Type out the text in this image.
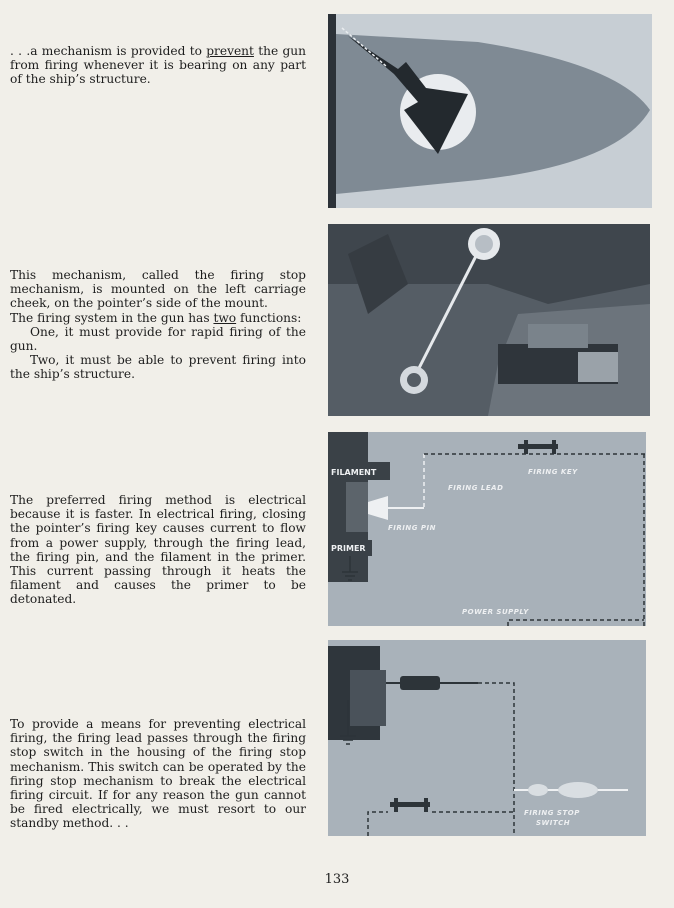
. . .a mechanism is provided to prevent the gun from firing whenever it is bearing on any part of the ship’s structure.

This mechanism, called the firing stop mechanism, is mounted on the left carriage cheek, on the pointer’s side of the mount.

The firing system in the gun has two functions:

One, it must provide for rapid firing of the gun.

Two, it must be able to prevent firing into the ship’s structure.

The preferred firing method is electrical because it is faster. In electrical firing, closing the pointer’s firing key causes current to flow from a power supply, through the firing lead, the firing pin, and the filament in the primer. This current passing through it heats the filament and causes the primer to be detonated.

To provide a means for preventing electrical firing, the firing lead passes through the firing stop switch in the housing of the firing stop mechanism. This switch can be operated by the firing stop mechanism to break the electrical firing circuit. If for any reason the gun cannot be fired electrically, we must resort to our standby method. . .

FILAMENT
PRIMER
FIRING LEAD
FIRING PIN
FIRING KEY
POWER SUPPLY
FIRING STOP
SWITCH
133
